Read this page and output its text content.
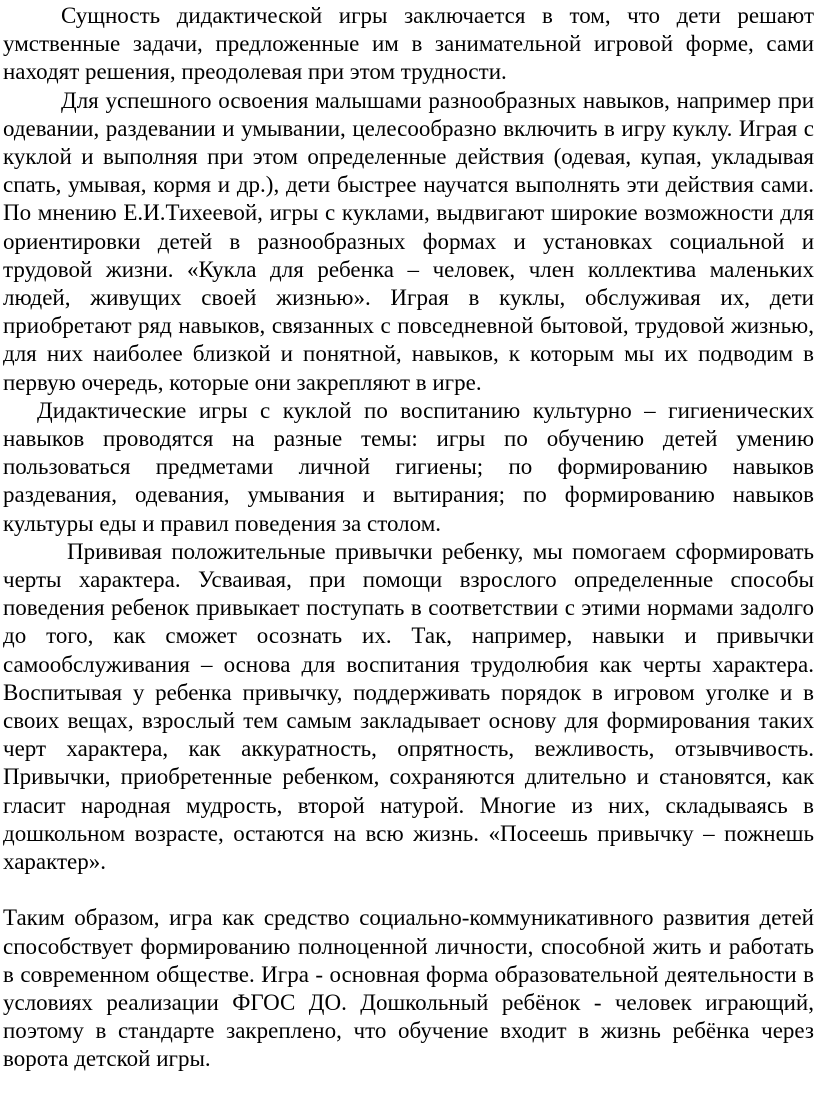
Сущность дидактической игры заключается в том, что дети решают умственные задачи, предложенные им в занимательной игровой форме, сами находят решения, преодолевая при этом трудности.

Для успешного освоения малышами разнообразных навыков, например при одевании, раздевании и умывании, целесообразно включить в игру куклу. Играя с куклой и выполняя при этом определенные действия (одевая, купая, укладывая спать, умывая, кормя и др.), дети быстрее научатся выполнять эти действия сами. По мнению Е.И.Тихеевой, игры с куклами, выдвигают широкие возможности для ориентировки детей в разнообразных формах и установках социальной и трудовой жизни. «Кукла для ребенка – человек, член коллектива маленьких людей, живущих своей жизнью». Играя в куклы, обслуживая их, дети приобретают ряд навыков, связанных с повседневной бытовой, трудовой жизнью, для них наиболее близкой и понятной, навыков, к которым мы их подводим в первую очередь, которые они закрепляют в игре.

Дидактические игры с куклой по воспитанию культурно – гигиенических навыков проводятся на разные темы: игры по обучению детей умению пользоваться предметами личной гигиены; по формированию навыков раздевания, одевания, умывания и вытирания; по формированию навыков культуры еды и правил поведения за столом.

Прививая положительные привычки ребенку, мы помогаем сформировать черты характера. Усваивая, при помощи взрослого определенные способы поведения ребенок привыкает поступать в соответствии с этими нормами задолго до того, как сможет осознать их. Так, например, навыки и привычки самообслуживания – основа для воспитания трудолюбия как черты характера. Воспитывая у ребенка привычку, поддерживать порядок в игровом уголке и в своих вещах, взрослый тем самым закладывает основу для формирования таких черт характера, как аккуратность, опрятность, вежливость, отзывчивость. Привычки, приобретенные ребенком, сохраняются длительно и становятся, как гласит народная мудрость, второй натурой. Многие из них, складываясь в дошкольном возрасте, остаются на всю жизнь. «Посеешь привычку – пожнешь характер».

Таким образом, игра как средство социально-коммуникативного развития детей способствует формированию полноценной личности, способной жить и работать в современном обществе. Игра - основная форма образовательной деятельности в условиях реализации ФГОС ДО. Дошкольный ребёнок - человек играющий, поэтому в стандарте закреплено, что обучение входит в жизнь ребёнка через ворота детской игры.
